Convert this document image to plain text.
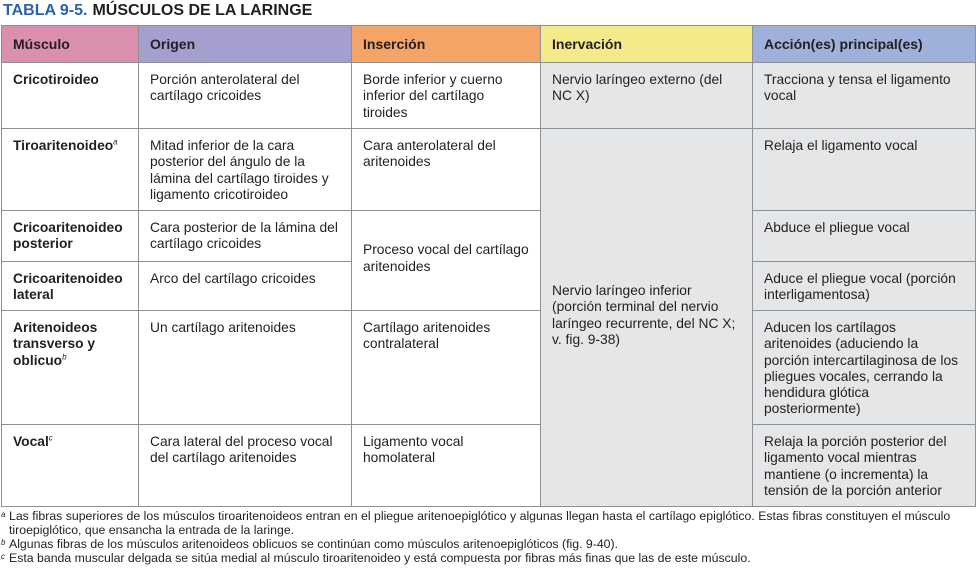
TABLA 9-5. MÚSCULOS DE LA LARINGE
Músculo	Origen	Inserción	Inervación	Acción(es) principal(es)
Cricotiroideo	Porción anterolateral del cartílago cricoides	Borde inferior y cuerno inferior del cartílago tiroides	Nervio laríngeo externo (del NC X)	Tracciona y tensa el ligamento vocal
Tiroaritenoideo$^a$	Mitad inferior de la cara posterior del ángulo de la lámina del cartílago tiroides y ligamento cricotiroideo	Cara anterolateral del aritenoides	Nervio laríngeo inferior (porción terminal del nervio laríngeo recurrente, del NC X; v. fig. 9-38)	Relaja el ligamento vocal
Cricoaritenoideo posterior	Cara posterior de la lámina del cartílago cricoides	Proceso vocal del cartílago aritenoides		Abduce el pliegue vocal
Cricoaritenoideo lateral	Arco del cartílago cricoides			Aduce el pliegue vocal (porción interligamentosa)
Aritenoideos transverso y oblicuo$^b$	Un cartílago aritenoides	Cartílago aritenoides contralateral		Aducen los cartílagos aritenoides (aduciendo la porción intercartilaginosa de los pliegues vocales, cerrando la hendidura glótica posteriormente)
Vocal$^c$	Cara lateral del proceso vocal del cartílago aritenoides	Ligamento vocal homolateral		Relaja la porción posterior del ligamento vocal mientras mantiene (o incrementa) la tensión de la porción anterior
a Las fibras superiores de los músculos tiroaritenoideos entran en el pliegue aritenoepiglótico y algunas llegan hasta el cartílago epiglótico. Estas fibras constituyen el músculo tiroepiglótico, que ensancha la entrada de la laringe.
b Algunas fibras de los músculos aritenoideos oblicuos se continúan como músculos aritenoepiglóticos (fig. 9-40).
c Esta banda muscular delgada se sitúa medial al músculo tiroaritenoideo y está compuesta por fibras más finas que las de este músculo.
